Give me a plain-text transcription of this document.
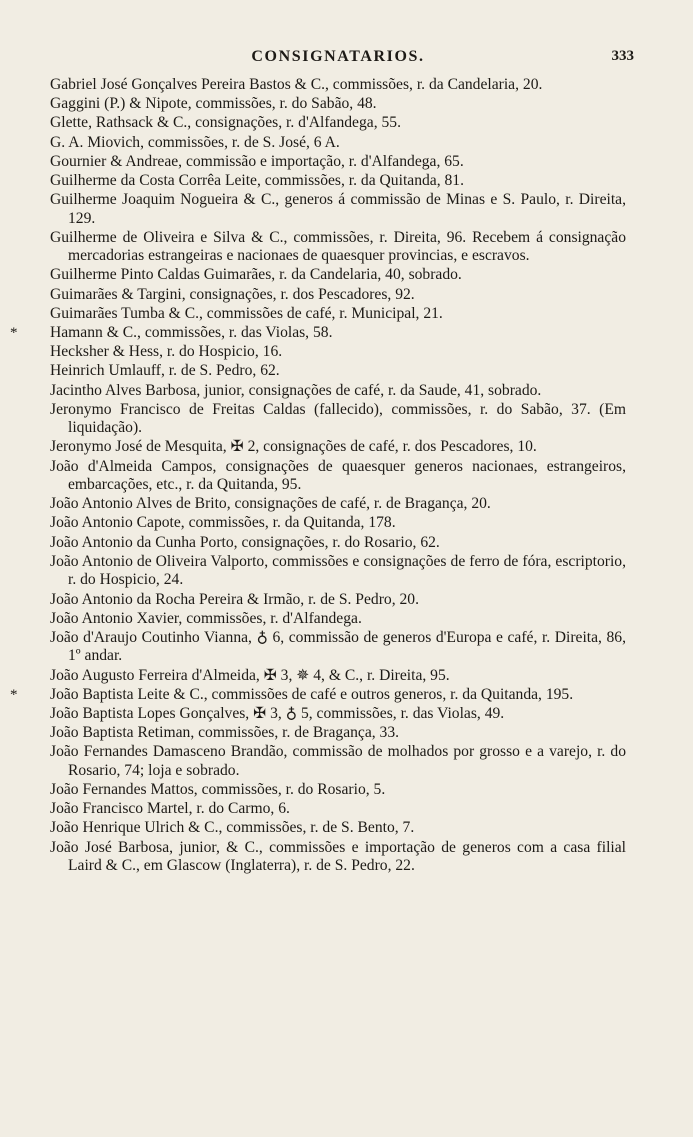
CONSIGNATARIOS.	333
Gabriel José Gonçalves Pereira Bastos & C., commissões, r. da Candelaria, 20.
Gaggini (P.) & Nipote, commissões, r. do Sabão, 48.
Glette, Rathsack & C., consignações, r. d'Alfandega, 55.
G. A. Miovich, commissões, r. de S. José, 6 A.
Gournier & Andreae, commissão e importação, r. d'Alfandega, 65.
Guilherme da Costa Corrêa Leite, commissões, r. da Quitanda, 81.
Guilherme Joaquim Nogueira & C., generos á commissão de Minas e S. Paulo, r. Direita, 129.
Guilherme de Oliveira e Silva & C., commissões, r. Direita, 96. Recebem á consignação mercadorias estrangeiras e nacionaes de quaesquer provincias, e escravos.
Guilherme Pinto Caldas Guimarães, r. da Candelaria, 40, sobrado.
Guimarães & Targini, consignações, r. dos Pescadores, 92.
Guimarães Tumba & C., commissões de café, r. Municipal, 21.
* Hamann & C., commissões, r. das Violas, 58.
Hecksher & Hess, r. do Hospicio, 16.
Heinrich Umlauff, r. de S. Pedro, 62.
Jacintho Alves Barbosa, junior, consignações de café, r. da Saude, 41, sobrado.
Jeronymo Francisco de Freitas Caldas (fallecido), commissões, r. do Sabão, 37. (Em liquidação).
Jeronymo José de Mesquita, ✠ 2, consignações de café, r. dos Pescadores, 10.
João d'Almeida Campos, consignações de quaesquer generos nacionaes, estrangeiros, embarcações, etc., r. da Quitanda, 95.
João Antonio Alves de Brito, consignações de café, r. de Bragança, 20.
João Antonio Capote, commissões, r. da Quitanda, 178.
João Antonio da Cunha Porto, consignações, r. do Rosario, 62.
João Antonio de Oliveira Valporto, commissões e consignações de ferro de fóra, escriptorio, r. do Hospicio, 24.
João Antonio da Rocha Pereira & Irmão, r. de S. Pedro, 20.
João Antonio Xavier, commissões, r. d'Alfandega.
João d'Araujo Coutinho Vianna, ♁ 6, commissão de generos d'Europa e café, r. Direita, 86, 1º andar.
João Augusto Ferreira d'Almeida, ✠ 3, ✵ 4, & C., r. Direita, 95.
* João Baptista Leite & C., commissões de café e outros generos, r. da Quitanda, 195.
João Baptista Lopes Gonçalves, ✠ 3, ♁ 5, commissões, r. das Violas, 49.
João Baptista Retiman, commissões, r. de Bragança, 33.
João Fernandes Damasceno Brandão, commissão de molhados por grosso e a varejo, r. do Rosario, 74; loja e sobrado.
João Fernandes Mattos, commissões, r. do Rosario, 5.
João Francisco Martel, r. do Carmo, 6.
João Henrique Ulrich & C., commissões, r. de S. Bento, 7.
João José Barbosa, junior, & C., commissões e importação de generos com a casa filial Laird & C., em Glascow (Inglaterra), r. de S. Pedro, 22.
